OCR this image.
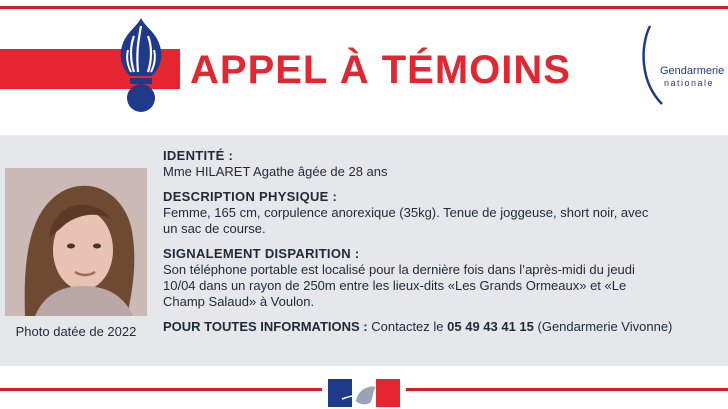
APPEL À TÉMOINS	Gendarmerie
nationale
Photo datée de 2022
IDENTITÉ :
Mme HILARET Agathe âgée de 28 ans
DESCRIPTION PHYSIQUE :
Femme, 165 cm, corpulence anorexique (35kg). Tenue de joggeuse, short noir, avec
un sac de course.
SIGNALEMENT DISPARITION :
Son téléphone portable est localisé pour la dernière fois dans l’après-midi du jeudi
10/04 dans un rayon de 250m entre les lieux-dits «Les Grands Ormeaux» et «Le
Champ Salaud» à Voulon.
POUR TOUTES INFORMATIONS : Contactez le 05 49 43 41 15 (Gendarmerie Vivonne)
